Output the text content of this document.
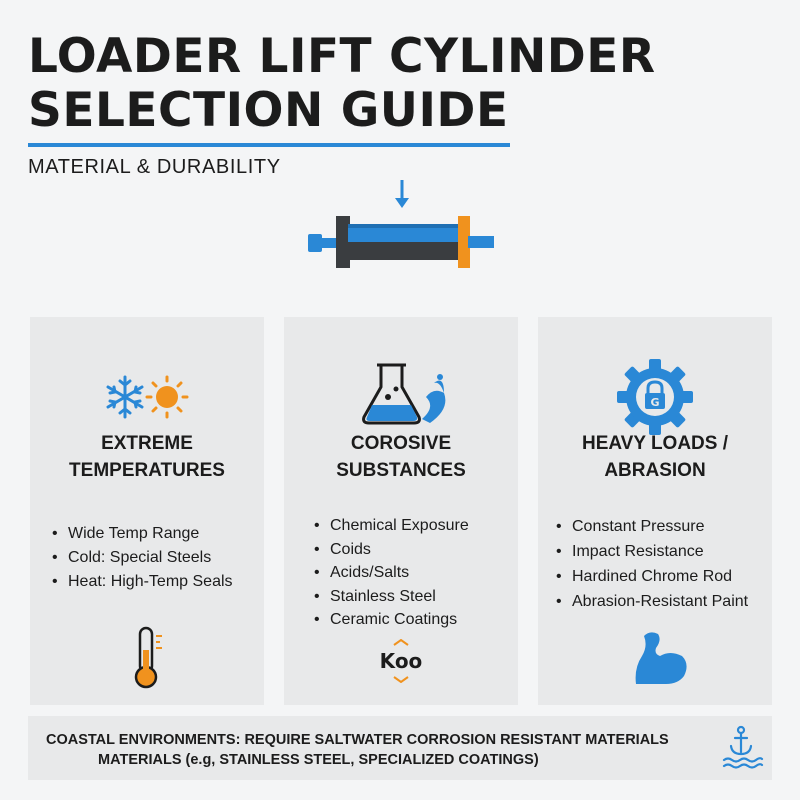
LOADER LIFT CYLINDER
SELECTION GUIDE
MATERIAL & DURABILITY
EXTREME
TEMPERATURES
• Wide Temp Range
• Cold: Special Steels
• Heat: High-Temp Seals
COROSIVE
SUBSTANCES
• Chemical Exposure
• Coids
• Acids/Salts
• Stainless Steel
• Ceramic Coatings
Koo
G
HEAVY LOADS /
ABRASION
• Constant Pressure
• Impact Resistance
• Hardined Chrome Rod
• Abrasion-Resistant Paint
COASTAL ENVIRONMENTS: REQUIRE SALTWATER CORROSION RESISTANT MATERIALS
MATERIALS (e.g, STAINLESS STEEL, SPECIALIZED COATINGS)
